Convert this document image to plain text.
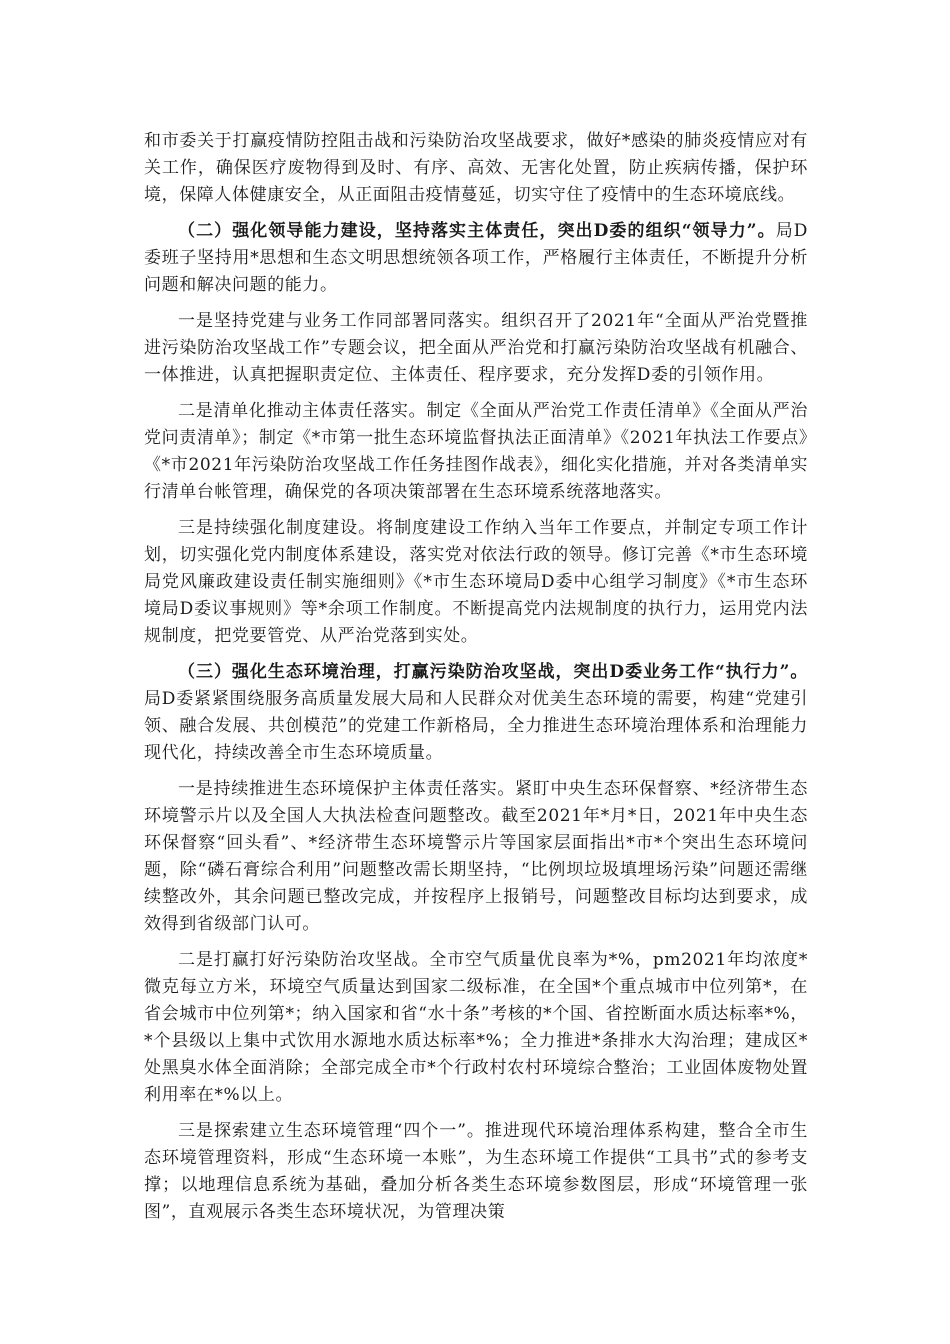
和市委关于打赢疫情防控阻击战和污染防治攻坚战要求，做好*感染的肺炎疫情应对有关工作，确保医疗废物得到及时、有序、高效、无害化处置，防止疾病传播，保护环境，保障人体健康安全，从正面阻击疫情蔓延，切实守住了疫情中的生态环境底线。

（二）强化领导能力建设，坚持落实主体责任，突出D委的组织“领导力”。局D委班子坚持用*思想和生态文明思想统领各项工作，严格履行主体责任，不断提升分析问题和解决问题的能力。

一是坚持党建与业务工作同部署同落实。组织召开了2021年“全面从严治党暨推进污染防治攻坚战工作”专题会议，把全面从严治党和打赢污染防治攻坚战有机融合、一体推进，认真把握职责定位、主体责任、程序要求，充分发挥D委的引领作用。

二是清单化推动主体责任落实。制定《全面从严治党工作责任清单》《全面从严治党问责清单》；制定《*市第一批生态环境监督执法正面清单》《2021年执法工作要点》《*市2021年污染防治攻坚战工作任务挂图作战表》，细化实化措施，并对各类清单实行清单台帐管理，确保党的各项决策部署在生态环境系统落地落实。

三是持续强化制度建设。将制度建设工作纳入当年工作要点，并制定专项工作计划，切实强化党内制度体系建设，落实党对依法行政的领导。修订完善《*市生态环境局党风廉政建设责任制实施细则》《*市生态环境局D委中心组学习制度》《*市生态环境局D委议事规则》等*余项工作制度。不断提高党内法规制度的执行力，运用党内法规制度，把党要管党、从严治党落到实处。

（三）强化生态环境治理，打赢污染防治攻坚战，突出D委业务工作“执行力”。局D委紧紧围绕服务高质量发展大局和人民群众对优美生态环境的需要，构建“党建引领、融合发展、共创模范”的党建工作新格局，全力推进生态环境治理体系和治理能力现代化，持续改善全市生态环境质量。

一是持续推进生态环境保护主体责任落实。紧盯中央生态环保督察、*经济带生态环境警示片以及全国人大执法检查问题整改。截至2021年*月*日，2021年中央生态环保督察“回头看”、*经济带生态环境警示片等国家层面指出*市*个突出生态环境问题，除“磷石膏综合利用”问题整改需长期坚持，“比例坝垃圾填埋场污染”问题还需继续整改外，其余问题已整改完成，并按程序上报销号，问题整改目标均达到要求，成效得到省级部门认可。

二是打赢打好污染防治攻坚战。全市空气质量优良率为*%，pm2021年均浓度*微克每立方米，环境空气质量达到国家二级标准，在全国*个重点城市中位列第*，在省会城市中位列第*；纳入国家和省“水十条”考核的*个国、省控断面水质达标率*%，*个县级以上集中式饮用水源地水质达标率*%；全力推进*条排水大沟治理；建成区*处黑臭水体全面消除；全部完成全市*个行政村农村环境综合整治；工业固体废物处置利用率在*%以上。

三是探索建立生态环境管理“四个一”。推进现代环境治理体系构建，整合全市生态环境管理资料，形成“生态环境一本账”，为生态环境工作提供“工具书”式的参考支撑；以地理信息系统为基础，叠加分析各类生态环境参数图层，形成“环境管理一张图”，直观展示各类生态环境状况，为管理决策
